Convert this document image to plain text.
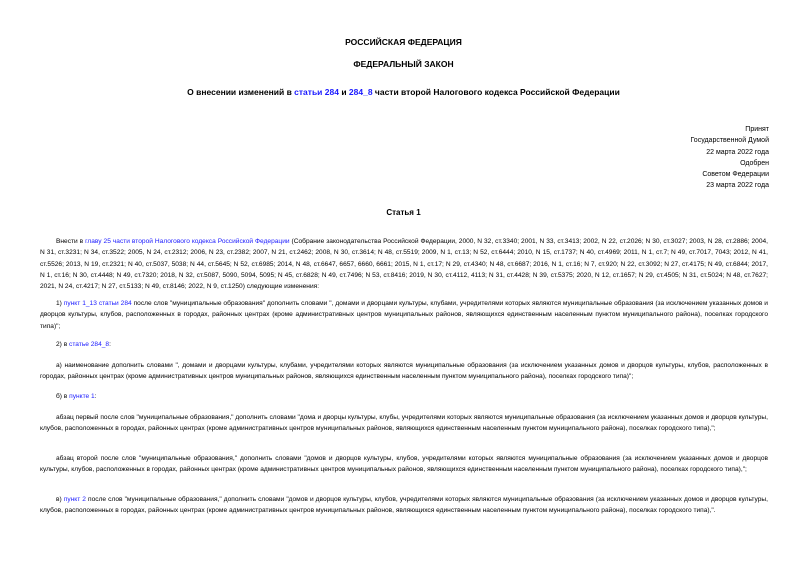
РОССИЙСКАЯ ФЕДЕРАЦИЯ
ФЕДЕРАЛЬНЫЙ ЗАКОН
О внесении изменений в статьи 284 и 284_8 части второй Налогового кодекса Российской Федерации
Принят
Государственной Думой
22 марта 2022 года
Одобрен
Советом Федерации
23 марта 2022 года
Статья 1
Внести в главу 25 части второй Налогового кодекса Российской Федерации (Собрание законодательства Российской Федерации, 2000, N 32, ст.3340; 2001, N 33, ст.3413; 2002, N 22, ст.2026; N 30, ст.3027; 2003, N 28, ст.2886; 2004, N 31, ст.3231; N 34, ст.3522; 2005, N 24, ст.2312; 2006, N 23, ст.2382; 2007, N 21, ст.2462; 2008, N 30, ст.3614; N 48, ст.5519; 2009, N 1, ст.13; N 52, ст.6444; 2010, N 15, ст.1737; N 40, ст.4969; 2011, N 1, ст.7; N 49, ст.7017, 7043; 2012, N 41, ст.5526; 2013, N 19, ст.2321; N 40, ст.5037, 5038; N 44, ст.5645; N 52, ст.6985; 2014, N 48, ст.6647, 6657, 6660, 6661; 2015, N 1, ст.17; N 29, ст.4340; N 48, ст.6687; 2016, N 1, ст.16; N 7, ст.920; N 22, ст.3092; N 27, ст.4175; N 49, ст.6844; 2017, N 1, ст.16; N 30, ст.4448; N 49, ст.7320; 2018, N 32, ст.5087, 5090, 5094, 5095; N 45, ст.6828; N 49, ст.7496; N 53, ст.8416; 2019, N 30, ст.4112, 4113; N 31, ст.4428; N 39, ст.5375; 2020, N 12, ст.1657; N 29, ст.4505; N 31, ст.5024; N 48, ст.7627; 2021, N 24, ст.4217; N 27, ст.5133; N 49, ст.8146; 2022, N 9, ст.1250) следующие изменения:
1) пункт 1_13 статьи 284 после слов "муниципальные образования" дополнить словами ", домами и дворцами культуры, клубами, учредителями которых являются муниципальные образования (за исключением указанных домов и дворцов культуры, клубов, расположенных в городах, районных центрах (кроме административных центров муниципальных районов, являющихся единственным населенным пунктом муниципального района), поселках городского типа)";
2) в статье 284_8:
а) наименование дополнить словами ", домами и дворцами культуры, клубами, учредителями которых являются муниципальные образования (за исключением указанных домов и дворцов культуры, клубов, расположенных в городах, районных центрах (кроме административных центров муниципальных районов, являющихся единственным населенным пунктом муниципального района), поселках городского типа)";
б) в пункте 1:
абзац первый после слов "муниципальные образования," дополнить словами "дома и дворцы культуры, клубы, учредителями которых являются муниципальные образования (за исключением указанных домов и дворцов культуры, клубов, расположенных в городах, районных центрах (кроме административных центров муниципальных районов, являющихся единственным населенным пунктом муниципального района), поселках городского типа),";
абзац второй после слов "муниципальные образования," дополнить словами "домов и дворцов культуры, клубов, учредителями которых являются муниципальные образования (за исключением указанных домов и дворцов культуры, клубов, расположенных в городах, районных центрах (кроме административных центров муниципальных районов, являющихся единственным населенным пунктом муниципального района), поселках городского типа),";
в) пункт 2 после слов "муниципальные образования," дополнить словами "домов и дворцов культуры, клубов, учредителями которых являются муниципальные образования (за исключением указанных домов и дворцов культуры, клубов, расположенных в городах, районных центрах (кроме административных центров муниципальных районов, являющихся единственным населенным пунктом муниципального района), поселках городского типа),".
